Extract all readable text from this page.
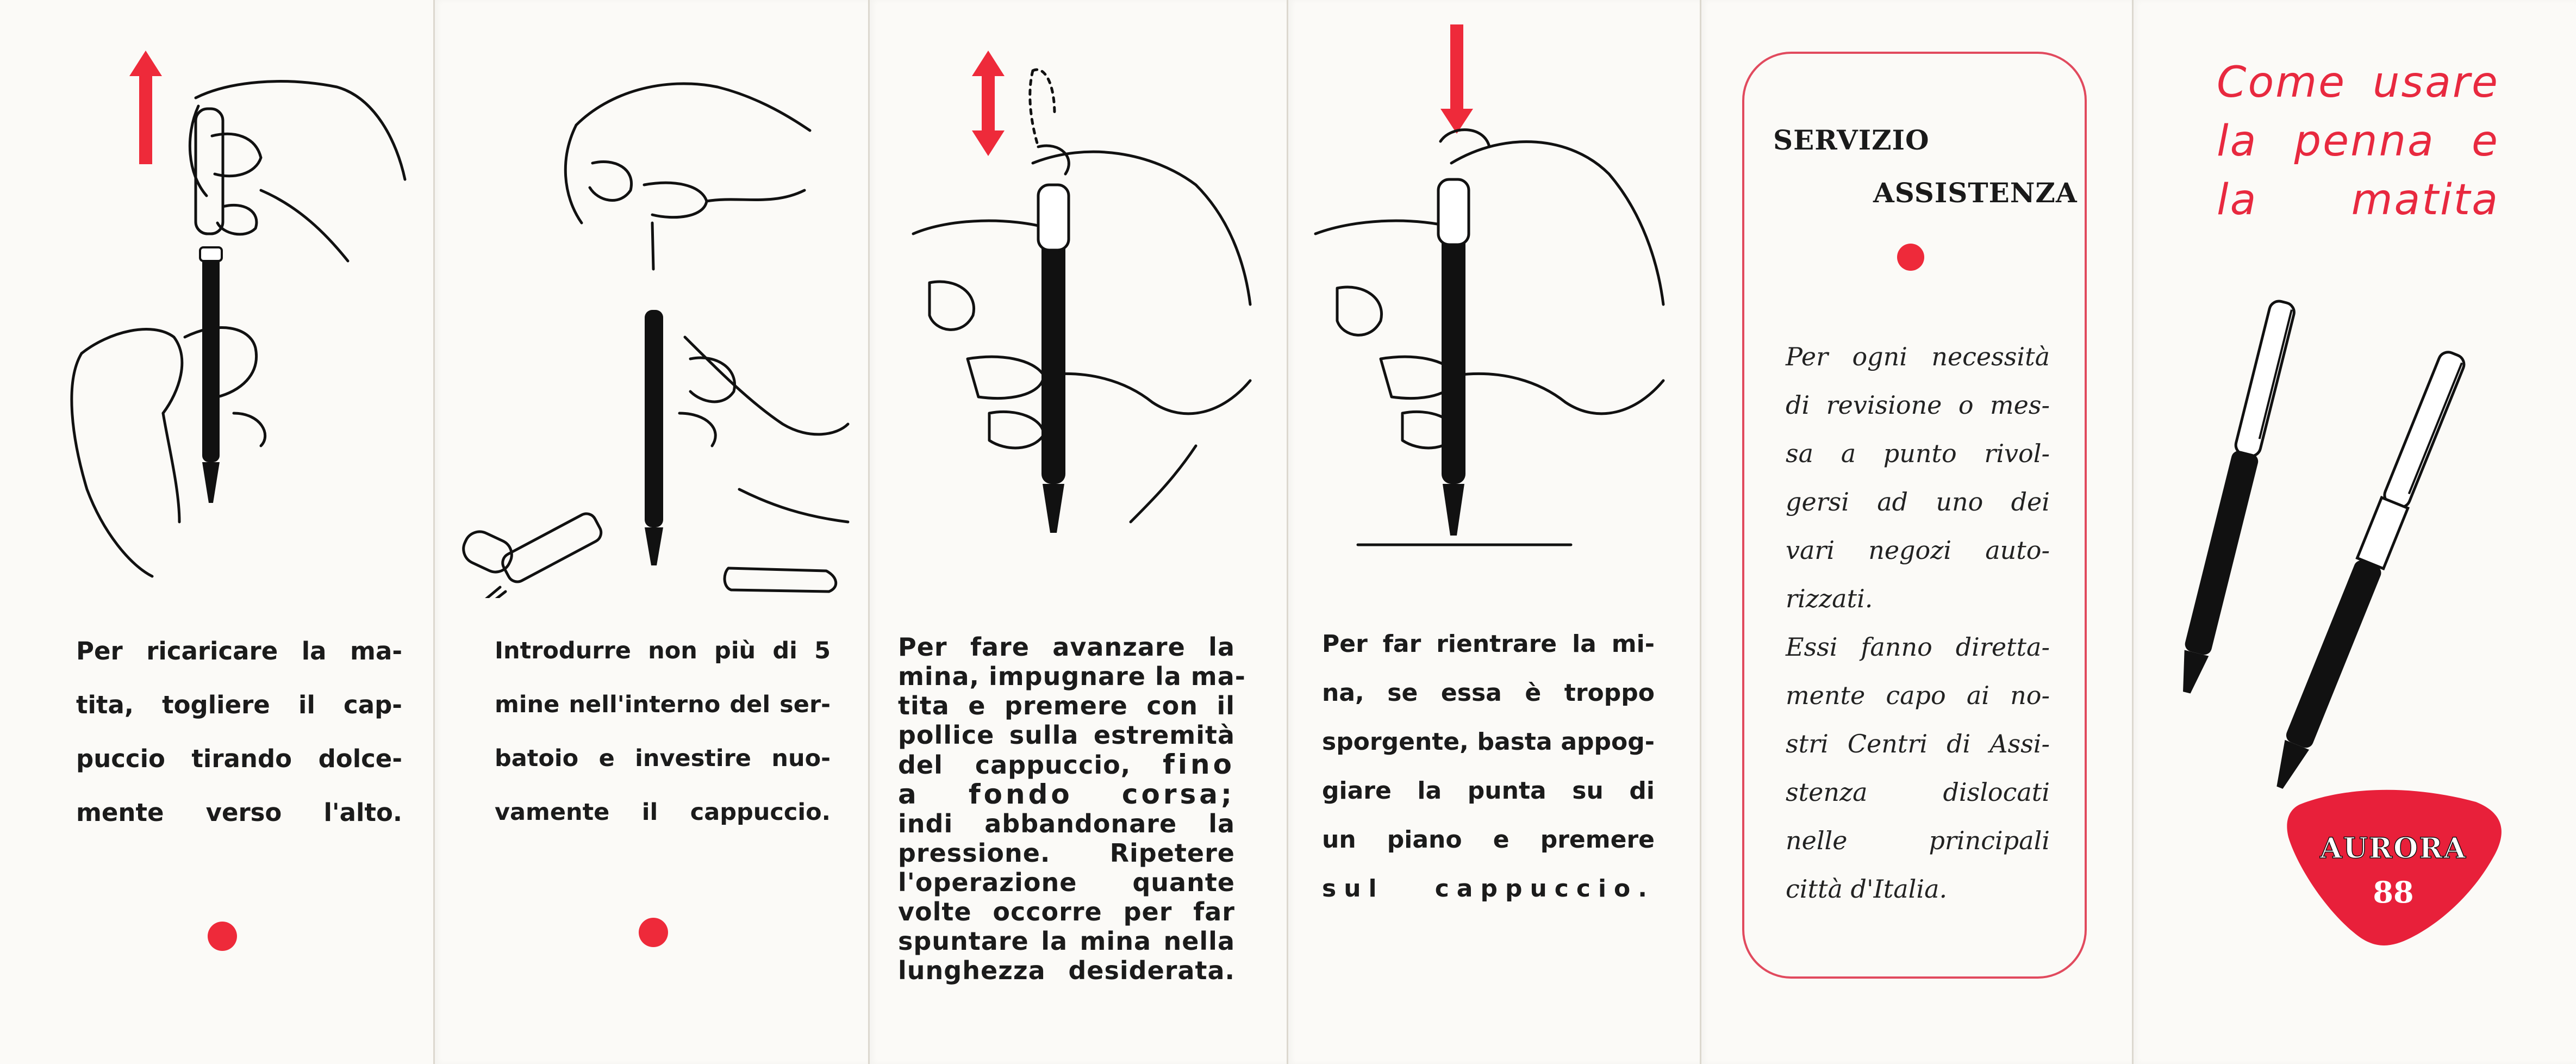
Per ricaricare la ma-
tita, togliere il cap-
puccio tirando dolce-
mente verso l'alto.

Introdurre non più di 5
mine nell'interno del ser-
batoio e investire nuo-
vamente il cappuccio.

Per fare avanzare la
mina, impugnare la ma-
tita e premere con il
pollice sulla estremità
del cappuccio, fino
a fondo corsa;
indi abbandonare la
pressione. Ripetere
l'operazione quante
volte occorre per far
spuntare la mina nella
lunghezza desiderata.

Per far rientrare la mi-
na, se essa è troppo
sporgente, basta appog-
giare la punta su di
un piano e premere
sul cappuccio.

SERVIZIO

ASSISTENZA

Per ogni necessità
di revisione o mes-
sa a punto rivol-
gersi ad uno dei
vari negozi auto-
rizzati.
Essi fanno diretta-
mente capo ai no-
stri Centri di Assi-
stenza dislocati
nelle principali
città d'Italia.

AURORA
88

Come usare
la penna e
la matita
